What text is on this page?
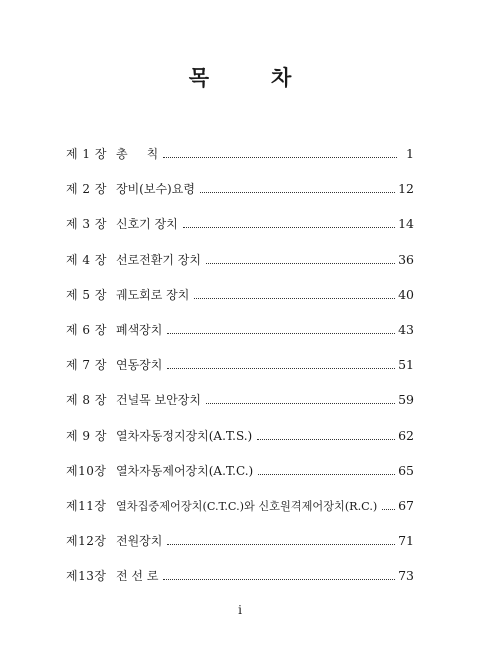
목	차
제 1 장 총     칙	1
제 2 장 장비(보수)요령	12
제 3 장 신호기 장치	14
제 4 장 선로전환기 장치	36
제 5 장 궤도회로 장치	40
제 6 장 폐색장치	43
제 7 장 연동장치	51
제 8 장 건널목 보안장치	59
제 9 장 열차자동정지장치(A.T.S.)	62
제10장 열차자동제어장치(A.T.C.)	65
제11장 열차집중제어장치(C.T.C.)와 신호원격제어장치(R.C.) 67
제12장 전원장치	71
제13장 전 선 로	73
i
